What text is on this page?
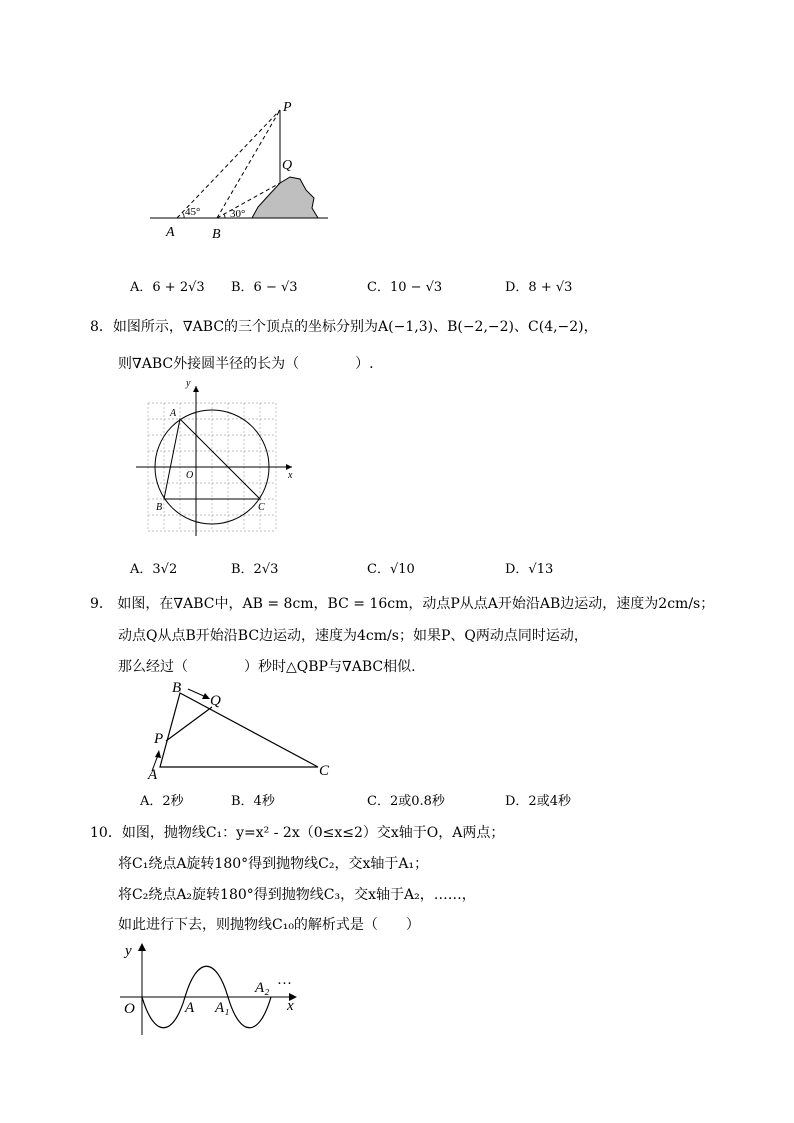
P
Q
A	B
45°	30°
A．6 + 2√3 B．6 − √3	C．10 − √3	D．8 + √3
8．如图所示，∇ABC的三个顶点的坐标分别为A(−1,3)、B(−2,−2)、C(4,−2)，
则∇ABC外接圆半径的长为（　　　　）.
y
x
O
A
B	C
A．3√2	B．2√3	C．√10	D．√13
9． 如图，在∇ABC中，AB = 8cm，BC = 16cm，动点P从点A开始沿AB边运动，速度为2cm/s；
动点Q从点B开始沿BC边运动，速度为4cm/s；如果P、Q两动点同时运动，
那么经过（　　　　）秒时△QBP与∇ABC相似.
A
B
C
P
Q
A．2秒	B．4秒	C．2或0.8秒	D．2或4秒
10．如图，抛物线C₁：y=x² - 2x（0≤x≤2）交x轴于O，A两点；
将C₁绕点A旋转180°得到抛物线C₂，交x轴于A₁；
将C₂绕点A₂旋转180°得到抛物线C₃，交x轴于A₂，……，
如此进行下去，则抛物线C₁₀的解析式是（　　）
y
O	A A₁
A₂ ···
x
